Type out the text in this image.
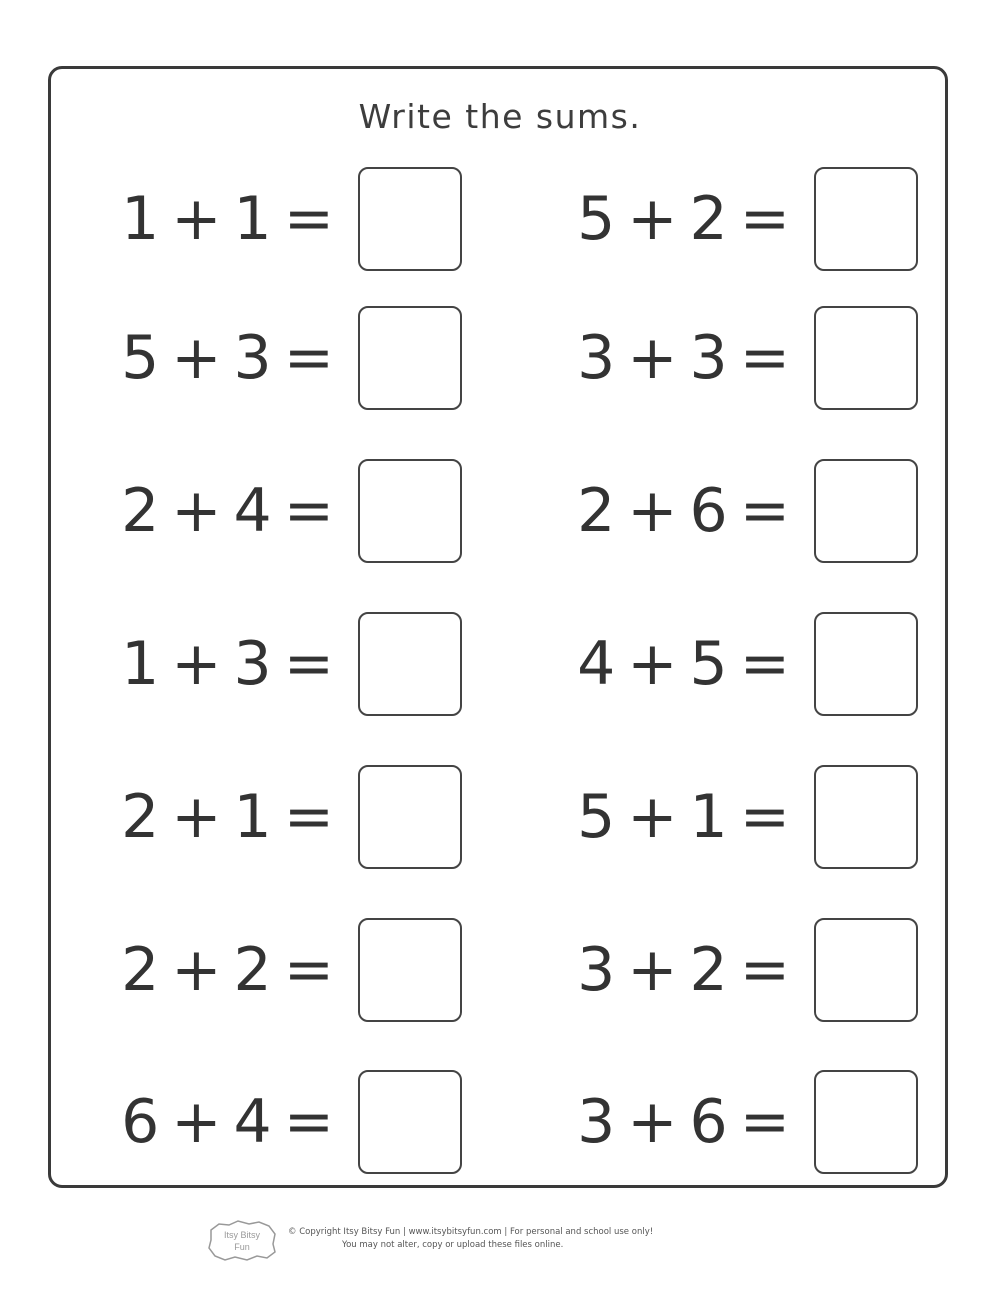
Write the sums.
1 + 1 =
5 + 3 =
2 + 4 =
1 + 3 =
2 + 1 =
2 + 2 =
6 + 4 =
5 + 2 =
3 + 3 =
2 + 6 =
4 + 5 =
5 + 1 =
3 + 2 =
3 + 6 =
Itsy Bitsy
Fun
© Copyright Itsy Bitsy Fun | www.itsybitsyfun.com | For personal and school use only!
You may not alter, copy or upload these files online.
